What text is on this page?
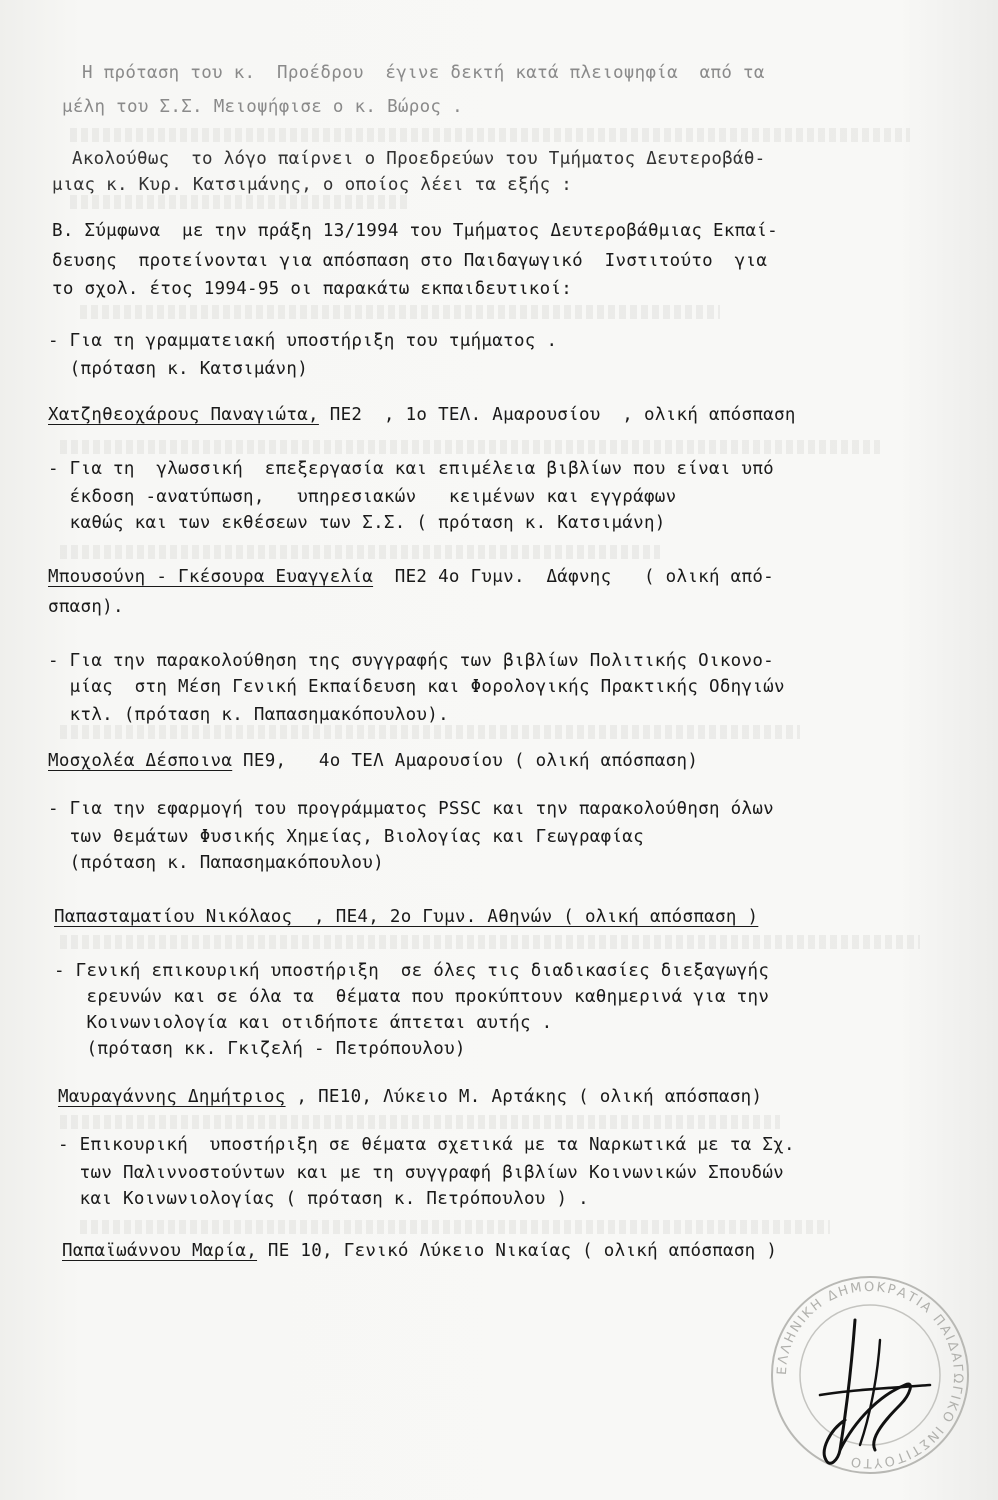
Η πρόταση του κ.  Προέδρου  έγινε δεκτή κατά πλειοψηφία  από τα
μέλη του Σ.Σ. Μειοψήφισε ο κ. Βώρος .
Ακολούθως  το λόγο παίρνει ο Προεδρεύων του Τμήματος Δευτεροβάθ-
μιας κ. Κυρ. Κατσιμάνης, ο οποίος λέει τα εξής :
Β. Σύμφωνα  με την πράξη 13/1994 του Τμήματος Δευτεροβάθμιας Εκπαί-
δευσης  προτείνονται για απόσπαση στο Παιδαγωγικό  Ινστιτούτο  για
το σχολ. έτος 1994-95 οι παρακάτω εκπαιδευτικοί:
- Για τη γραμματειακή υποστήριξη του τμήματος .
(πρόταση κ. Κατσιμάνη)
Χατζηθεοχάρους Παναγιώτα, ΠΕ2  , 1ο ΤΕΛ. Αμαρουσίου  , ολική απόσπαση
- Για τη  γλωσσική  επεξεργασία και επιμέλεια βιβλίων που είναι υπό
έκδοση -ανατύπωση,   υπηρεσιακών   κειμένων και εγγράφων
καθώς και των εκθέσεων των Σ.Σ. ( πρόταση κ. Κατσιμάνη)
Μπουσούνη - Γκέσουρα Ευαγγελία  ΠΕ2 4ο Γυμν.  Δάφνης   ( ολική από-
σπαση).
- Για την παρακολούθηση της συγγραφής των βιβλίων Πολιτικής Οικονο-
μίας  στη Μέση Γενική Εκπαίδευση και Φορολογικής Πρακτικής Οδηγιών
κτλ. (πρόταση κ. Παπασημακόπουλου).
Μοσχολέα Δέσποινα ΠΕ9,   4ο ΤΕΛ Αμαρουσίου ( ολική απόσπαση)
- Για την εφαρμογή του προγράμματος PSSC και την παρακολούθηση όλων
των θεμάτων Φυσικής Χημείας, Βιολογίας και Γεωγραφίας
(πρόταση κ. Παπασημακόπουλου)
Παπασταματίου Νικόλαος  , ΠΕ4, 2ο Γυμν. Αθηνών ( ολική απόσπαση )
- Γενική επικουρική υποστήριξη  σε όλες τις διαδικασίες διεξαγωγής
ερευνών και σε όλα τα  θέματα που προκύπτουν καθημερινά για την
Κοινωνιολογία και οτιδήποτε άπτεται αυτής .
(πρόταση κκ. Γκιζελή - Πετρόπουλου)
Μαυραγάννης Δημήτριος , ΠΕ10, Λύκειο Μ. Αρτάκης ( ολική απόσπαση)
- Επικουρική  υποστήριξη σε θέματα σχετικά με τα Ναρκωτικά με τα Σχ.
των Παλιννοστούντων και με τη συγγραφή βιβλίων Κοινωνικών Σπουδών
και Κοινωνιολογίας ( πρόταση κ. Πετρόπουλου ) .
Παπαϊωάννου Μαρία, ΠΕ 10, Γενικό Λύκειο Νικαίας ( ολική απόσπαση )
ΕΛΛΗΝΙΚΗ ΔΗΜΟΚΡΑΤΙΑ ΠΑΙΔΑΓΩΓΙΚΟ ΙΝΣΤΙΤΟΥΤΟ
